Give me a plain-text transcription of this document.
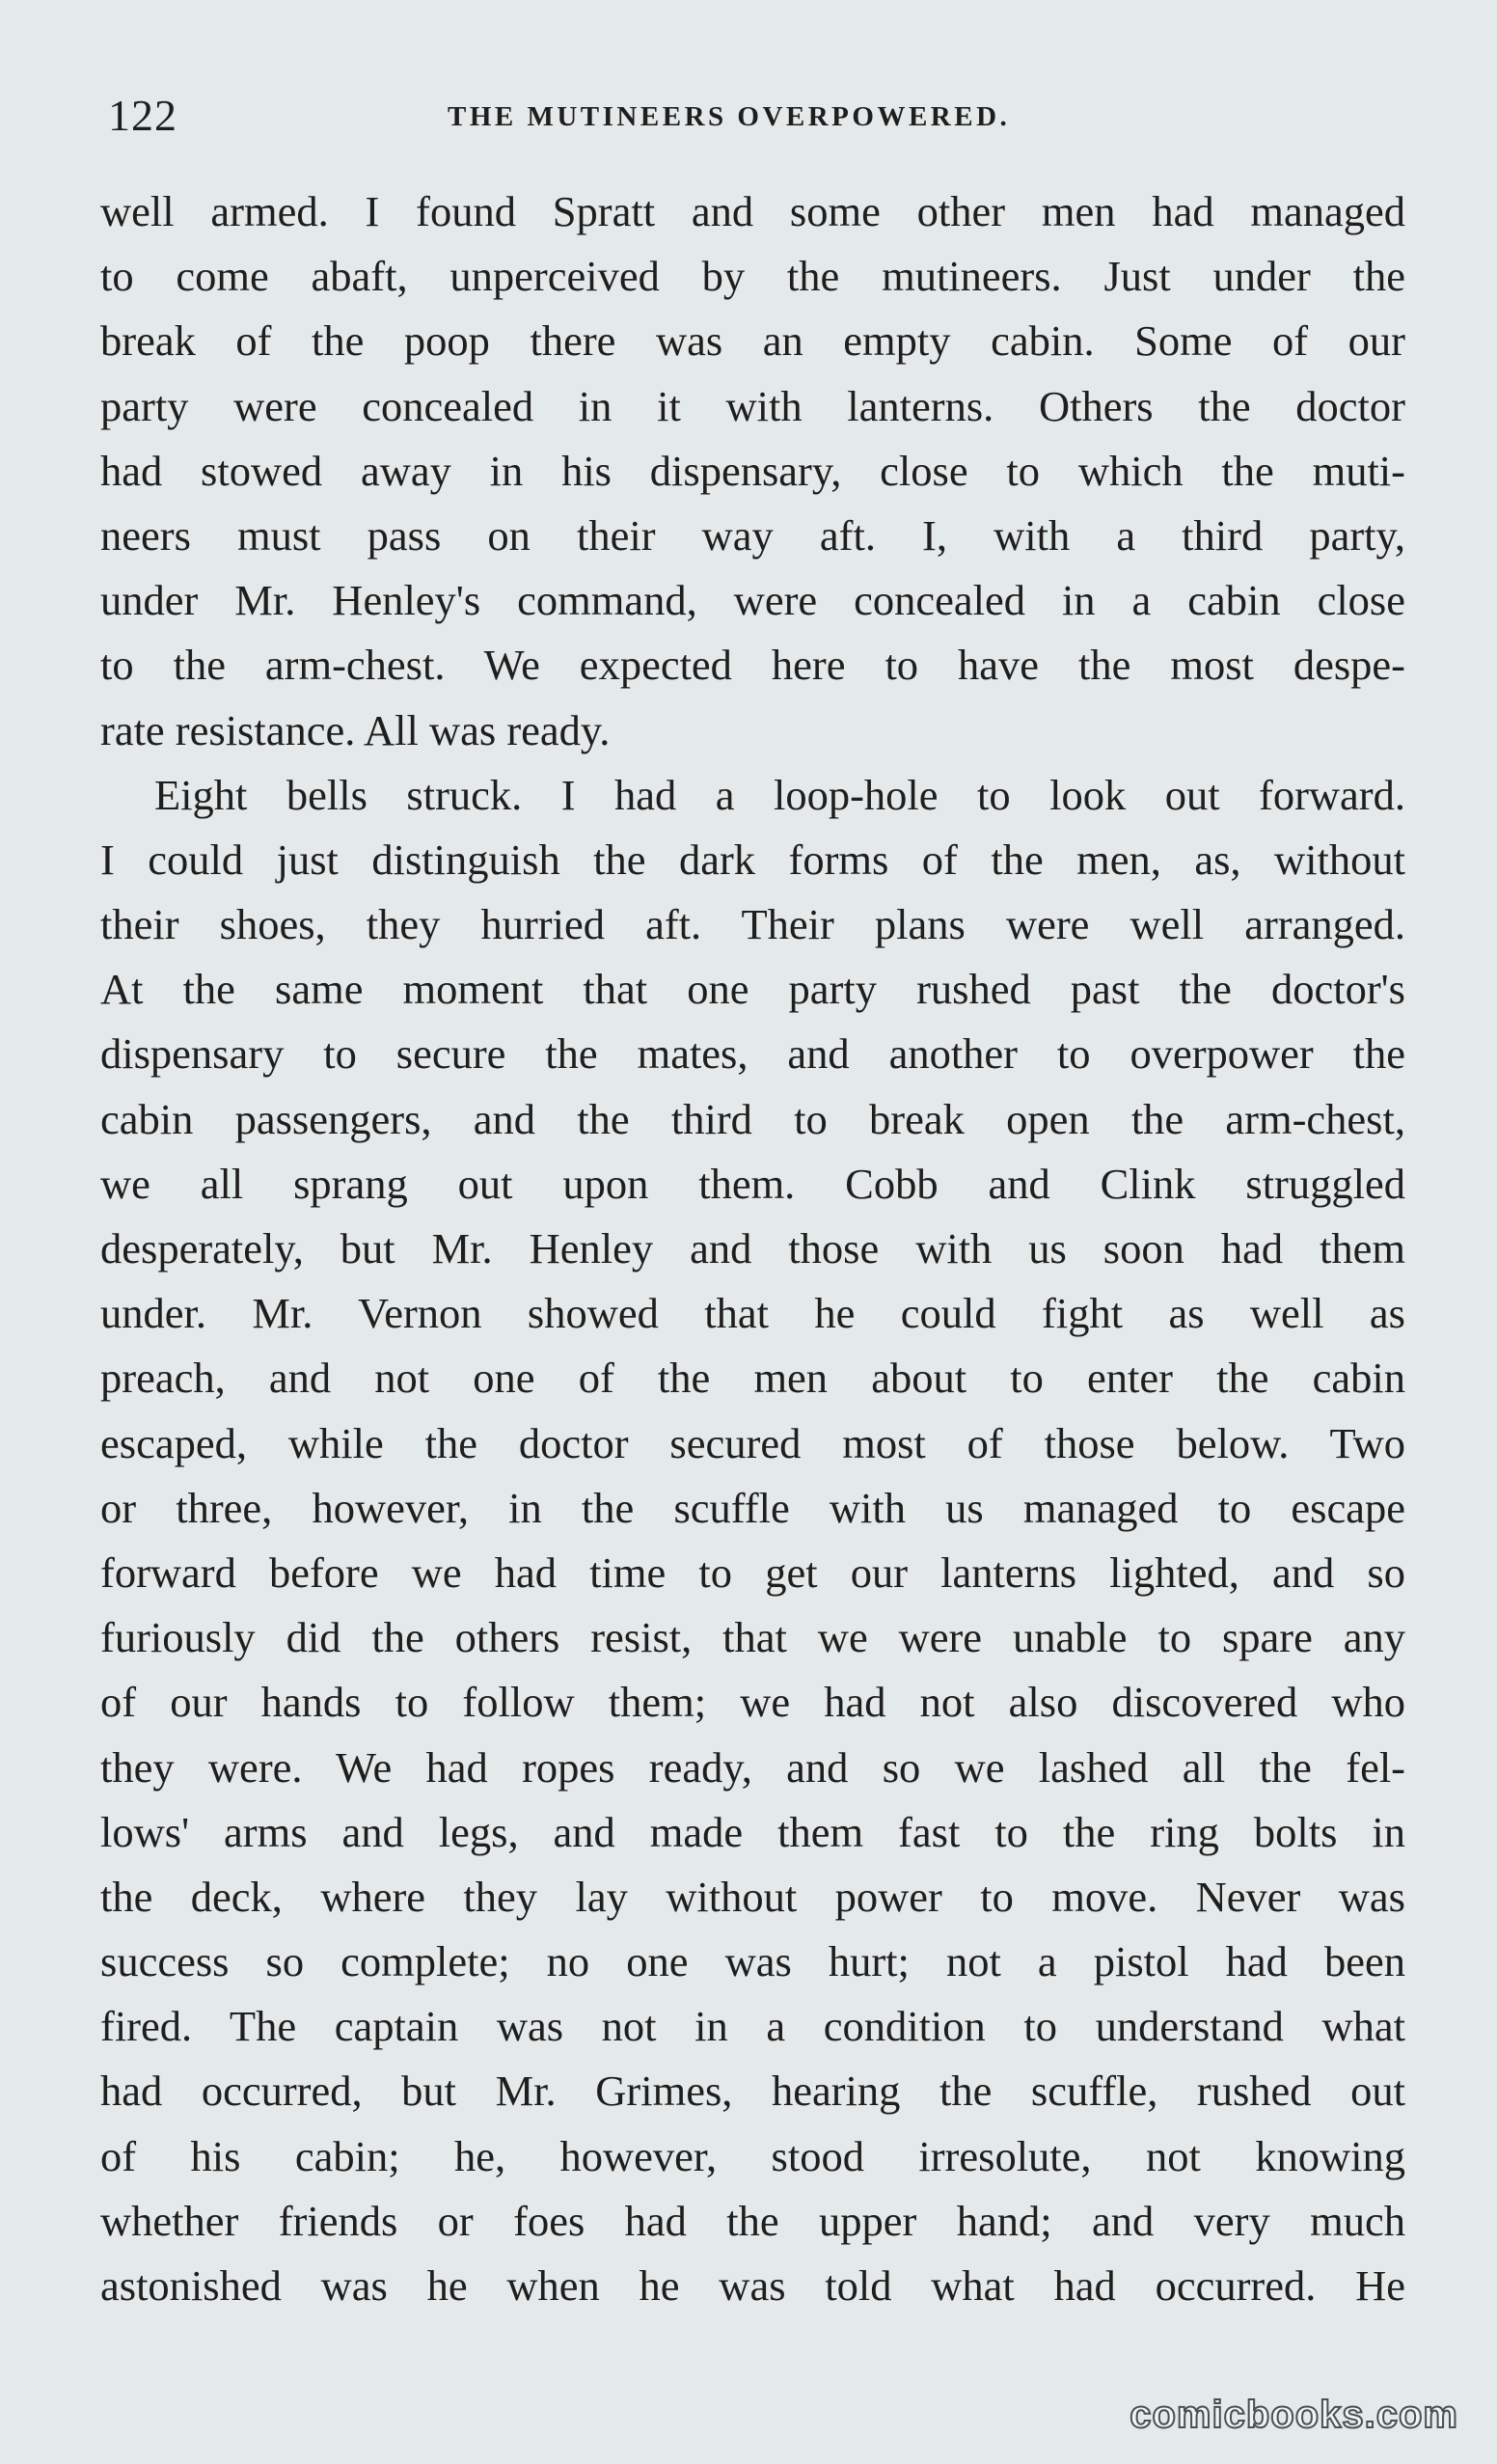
122	THE MUTINEERS OVERPOWERED.
well armed. I found Spratt and some other men had managed
to come abaft, unperceived by the mutineers. Just under the
break of the poop there was an empty cabin. Some of our
party were concealed in it with lanterns. Others the doctor
had stowed away in his dispensary, close to which the muti-
neers must pass on their way aft. I, with a third party,
under Mr. Henley's command, were concealed in a cabin close
to the arm-chest. We expected here to have the most despe-
rate resistance. All was ready.
Eight bells struck. I had a loop-hole to look out forward.
I could just distinguish the dark forms of the men, as, without
their shoes, they hurried aft. Their plans were well arranged.
At the same moment that one party rushed past the doctor's
dispensary to secure the mates, and another to overpower the
cabin passengers, and the third to break open the arm-chest,
we all sprang out upon them. Cobb and Clink struggled
desperately, but Mr. Henley and those with us soon had them
under. Mr. Vernon showed that he could fight as well as
preach, and not one of the men about to enter the cabin
escaped, while the doctor secured most of those below. Two
or three, however, in the scuffle with us managed to escape
forward before we had time to get our lanterns lighted, and so
furiously did the others resist, that we were unable to spare any
of our hands to follow them; we had not also discovered who
they were. We had ropes ready, and so we lashed all the fel-
lows' arms and legs, and made them fast to the ring bolts in
the deck, where they lay without power to move. Never was
success so complete; no one was hurt; not a pistol had been
fired. The captain was not in a condition to understand what
had occurred, but Mr. Grimes, hearing the scuffle, rushed out
of his cabin; he, however, stood irresolute, not knowing
whether friends or foes had the upper hand; and very much
astonished was he when he was told what had occurred. He
comicbooks.com
